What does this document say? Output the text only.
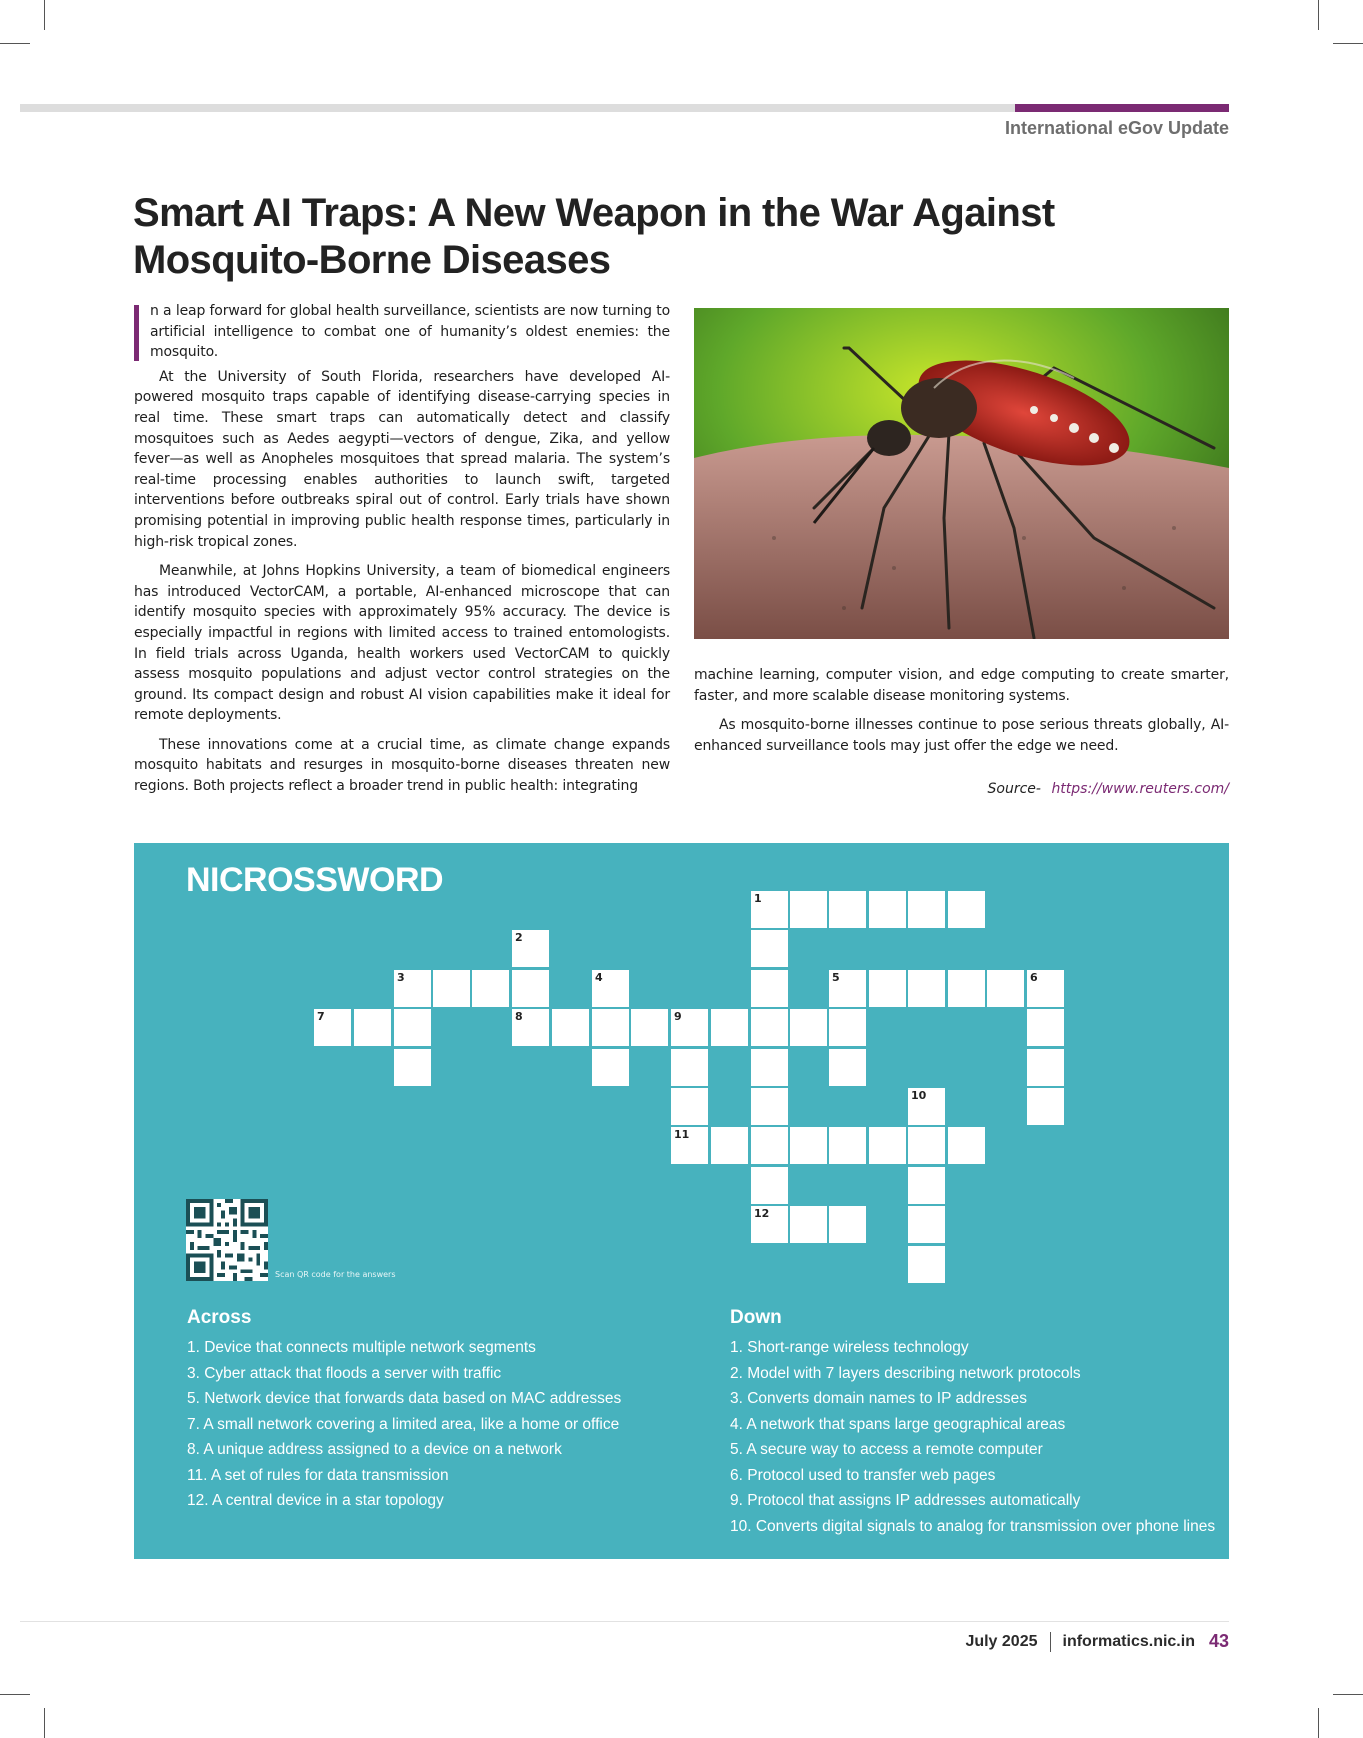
International eGov Update
Smart AI Traps: A New Weapon in the War Against Mosquito-Borne Diseases

n a leap forward for global health surveillance, scientists are now turning to artificial intelligence to combat one of humanity’s oldest enemies: the mosquito.

At the University of South Florida, researchers have developed AI-powered mosquito traps capable of identifying disease-carrying species in real time. These smart traps can automatically detect and classify mosquitoes such as Aedes aegypti—vectors of dengue, Zika, and yellow fever—as well as Anopheles mosquitoes that spread malaria. The system’s real-time processing enables authorities to launch swift, targeted interventions before outbreaks spiral out of control. Early trials have shown promising potential in improving public health response times, particularly in high-risk tropical zones.

Meanwhile, at Johns Hopkins University, a team of biomedical engineers has introduced VectorCAM, a portable, AI-enhanced microscope that can identify mosquito species with approximately 95% accuracy. The device is especially impactful in regions with limited access to trained entomologists. In field trials across Uganda, health workers used VectorCAM to quickly assess mosquito populations and adjust vector control strategies on the ground. Its compact design and robust AI vision capabilities make it ideal for remote deployments.

These innovations come at a crucial time, as climate change expands mosquito habitats and resurges in mosquito-borne diseases threaten new regions. Both projects reflect a broader trend in public health: integrating

machine learning, computer vision, and edge computing to create smarter, faster, and more scalable disease monitoring systems.

As mosquito-borne illnesses continue to pose serious threats globally, AI-enhanced surveillance tools may just offer the edge we need.

Source- https://www.reuters.com/
NICROSSWORD	1
2
3	4	5	6
7	8	9
11
10
12
Scan QR code for the answers
Across
1. Device that connects multiple network segments
3. Cyber attack that floods a server with traffic
5. Network device that forwards data based on MAC addresses
7. A small network covering a limited area, like a home or office
8. A unique address assigned to a device on a network
11. A set of rules for data transmission
12. A central device in a star topology
Down
1. Short-range wireless technology
2. Model with 7 layers describing network protocols
3. Converts domain names to IP addresses
4. A network that spans large geographical areas
5. A secure way to access a remote computer
6. Protocol used to transfer web pages
9. Protocol that assigns IP addresses automatically
10. Converts digital signals to analog for transmission over phone lines
July 2025 informatics.nic.in 43
